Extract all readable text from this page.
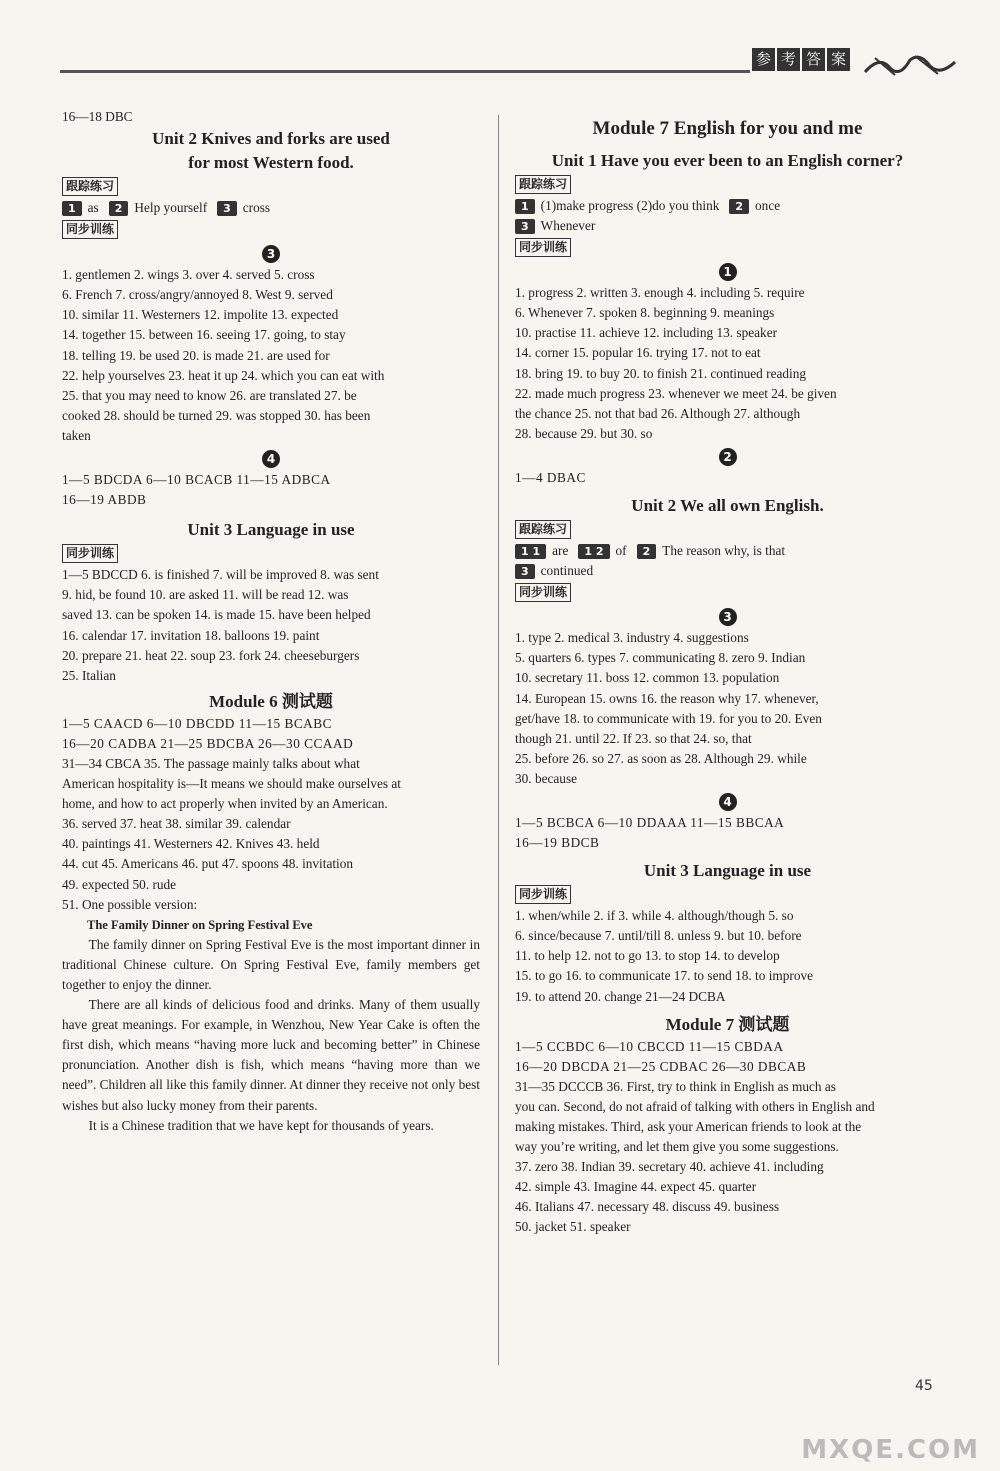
参 考 答 案

16—18 DBC

Unit 2 Knives and forks are used

for most Western food.

跟踪练习

1 as 2 Help yourself 3 cross

同步训练
3

1. gentlemen 2. wings 3. over 4. served 5. cross

6. French 7. cross/angry/annoyed 8. West 9. served

10. similar 11. Westerners 12. impolite 13. expected

14. together 15. between 16. seeing 17. going, to stay

18. telling 19. be used 20. is made 21. are used for

22. help yourselves 23. heat it up 24. which you can eat with

25. that you may need to know 26. are translated 27. be

cooked 28. should be turned 29. was stopped 30. has been

taken

4

1—5 BDCDA 6—10 BCACB 11—15 ADBCA

16—19 ABDB

Unit 3 Language in use

同步训练

1—5 BDCCD 6. is finished 7. will be improved 8. was sent

9. hid, be found 10. are asked 11. will be read 12. was

saved 13. can be spoken 14. is made 15. have been helped

16. calendar 17. invitation 18. balloons 19. paint

20. prepare 21. heat 22. soup 23. fork 24. cheeseburgers

25. Italian

Module 6 测试题

1—5 CAACD 6—10 DBCDD 11—15 BCABC

16—20 CADBA 21—25 BDCBA 26—30 CCAAD

31—34 CBCA 35. The passage mainly talks about what

American hospitality is—It means we should make ourselves at

home, and how to act properly when invited by an American.

36. served 37. heat 38. similar 39. calendar

40. paintings 41. Westerners 42. Knives 43. held

44. cut 45. Americans 46. put 47. spoons 48. invitation

49. expected 50. rude

51. One possible version:

The Family Dinner on Spring Festival Eve

The family dinner on Spring Festival Eve is the most important dinner in traditional Chinese culture. On Spring Festival Eve, family members get together to enjoy the dinner.

There are all kinds of delicious food and drinks. Many of them usually have great meanings. For example, in Wenzhou, New Year Cake is often the first dish, which means “having more luck and becoming better” in Chinese pronunciation. Another dish is fish, which means “having more than we need”. Children all like this family dinner. At dinner they receive not only best wishes but also lucky money from their parents.

It is a Chinese tradition that we have kept for thousands of years.

Module 7 English for you and me

Unit 1 Have you ever been to an English corner?

跟踪练习

1 (1)make progress (2)do you think 2 once

3 Whenever

同步训练
1

1. progress 2. written 3. enough 4. including 5. require

6. Whenever 7. spoken 8. beginning 9. meanings

10. practise 11. achieve 12. including 13. speaker

14. corner 15. popular 16. trying 17. not to eat

18. bring 19. to buy 20. to finish 21. continued reading

22. made much progress 23. whenever we meet 24. be given

the chance 25. not that bad 26. Although 27. although

28. because 29. but 30. so

2

1—4 DBAC

Unit 2 We all own English.

跟踪练习

1 1 are 1 2 of 2 The reason why, is that

3 continued

同步训练
3

1. type 2. medical 3. industry 4. suggestions

5. quarters 6. types 7. communicating 8. zero 9. Indian

10. secretary 11. boss 12. common 13. population

14. European 15. owns 16. the reason why 17. whenever,

get/have 18. to communicate with 19. for you to 20. Even

though 21. until 22. If 23. so that 24. so, that

25. before 26. so 27. as soon as 28. Although 29. while

30. because

4

1—5 BCBCA 6—10 DDAAA 11—15 BBCAA

16—19 BDCB

Unit 3 Language in use

同步训练

1. when/while 2. if 3. while 4. although/though 5. so

6. since/because 7. until/till 8. unless 9. but 10. before

11. to help 12. not to go 13. to stop 14. to develop

15. to go 16. to communicate 17. to send 18. to improve

19. to attend 20. change 21—24 DCBA

Module 7 测试题

1—5 CCBDC 6—10 CBCCD 11—15 CBDAA

16—20 DBCDA 21—25 CDBAC 26—30 DBCAB

31—35 DCCCB 36. First, try to think in English as much as

you can. Second, do not afraid of talking with others in English and

making mistakes. Third, ask your American friends to look at the

way you’re writing, and let them give you some suggestions.

37. zero 38. Indian 39. secretary 40. achieve 41. including

42. simple 43. Imagine 44. expect 45. quarter

46. Italians 47. necessary 48. discuss 49. business

50. jacket 51. speaker

45
MXQE.COM
